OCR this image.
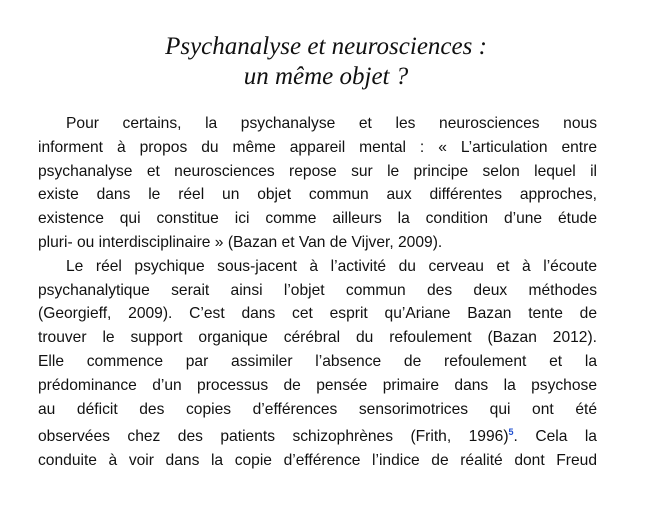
Psychanalyse et neurosciences :
un même objet ?
Pour certains, la psychanalyse et les neurosciences nous
informent à propos du même appareil mental : « L’articulation entre
psychanalyse et neurosciences repose sur le principe selon lequel il
existe dans le réel un objet commun aux différentes approches,
existence qui constitue ici comme ailleurs la condition d’une étude
pluri- ou interdisciplinaire » (Bazan et Van de Vijver, 2009).
Le réel psychique sous-jacent à l’activité du cerveau et à l’écoute
psychanalytique serait ainsi l’objet commun des deux méthodes
(Georgieff, 2009). C’est dans cet esprit qu’Ariane Bazan tente de
trouver le support organique cérébral du refoulement (Bazan 2012).
Elle commence par assimiler l’absence de refoulement et la
prédominance d’un processus de pensée primaire dans la psychose
au déficit des copies d’efférences sensorimotrices qui ont été
observées chez des patients schizophrènes (Frith, 1996)$^5$. Cela la
conduite à voir dans la copie d’efférence l’indice de réalité dont Freud
